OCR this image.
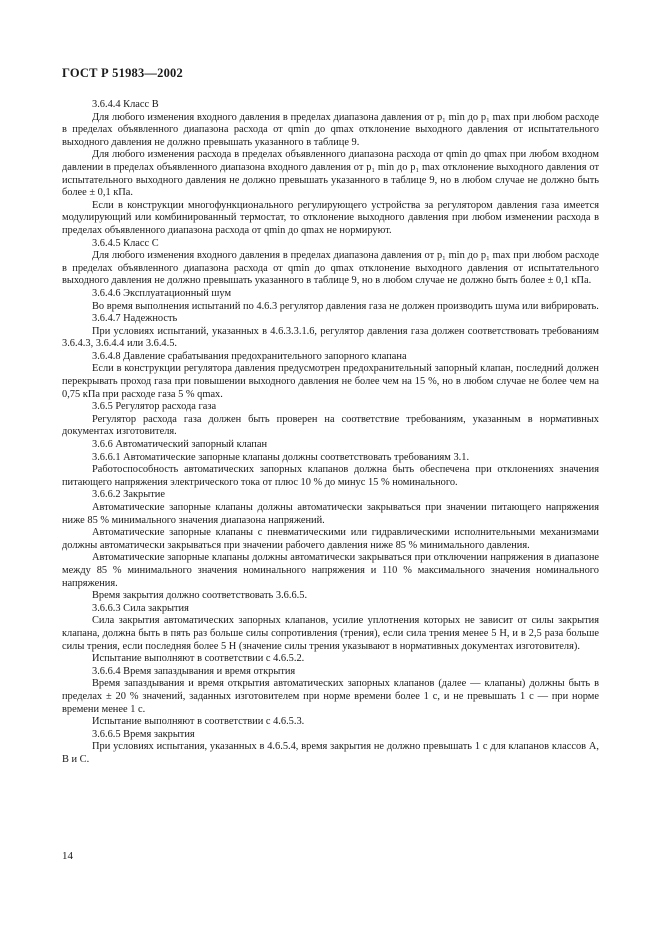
ГОСТ Р 51983—2002

3.6.4.4 Класс B

Для любого изменения входного давления в пределах диапазона давления от p₁ min до p₁ max при любом расходе в пределах объявленного диапазона расхода от qmin до qmax отклонение выходного давления от испытательного выходного давления не должно превышать указанного в таблице 9.

Для любого изменения расхода в пределах объявленного диапазона расхода от qmin до qmax при любом входном давлении в пределах объявленного диапазона входного давления от p₁ min до p₁ max отклонение выходного давления от испытательного выходного давления не должно превышать указанного в таблице 9, но в любом случае не должно быть более ± 0,1 кПа.

Если в конструкции многофункционального регулирующего устройства за регулятором давления газа имеется модулирующий или комбинированный термостат, то отклонение выходного давления при любом изменении расхода в пределах объявленного диапазона расхода от qmin до qmax не нормируют.

3.6.4.5 Класс C

Для любого изменения входного давления в пределах диапазона давления от p₁ min до p₁ max при любом расходе в пределах объявленного диапазона расхода от qmin до qmax отклонение выходного давления от испытательного выходного давления не должно превышать указанного в таблице 9, но в любом случае не должно быть более ± 0,1 кПа.

3.6.4.6 Эксплуатационный шум

Во время выполнения испытаний по 4.6.3 регулятор давления газа не должен производить шума или вибрировать.

3.6.4.7 Надежность

При условиях испытаний, указанных в 4.6.3.3.1.6, регулятор давления газа должен соответствовать требованиям 3.6.4.3, 3.6.4.4 или 3.6.4.5.

3.6.4.8 Давление срабатывания предохранительного запорного клапана

Если в конструкции регулятора давления предусмотрен предохранительный запорный клапан, последний должен перекрывать проход газа при повышении выходного давления не более чем на 15 %, но в любом случае не более чем на 0,75 кПа при расходе газа 5 % qmax.

3.6.5 Регулятор расхода газа

Регулятор расхода газа должен быть проверен на соответствие требованиям, указанным в нормативных документах изготовителя.

3.6.6 Автоматический запорный клапан

3.6.6.1 Автоматические запорные клапаны должны соответствовать требованиям 3.1.

Работоспособность автоматических запорных клапанов должна быть обеспечена при отклонениях значения питающего напряжения электрического тока от плюс 10 % до минус 15 % номинального.

3.6.6.2 Закрытие

Автоматические запорные клапаны должны автоматически закрываться при значении питающего напряжения ниже 85 % минимального значения диапазона напряжений.

Автоматические запорные клапаны с пневматическими или гидравлическими исполнительными механизмами должны автоматически закрываться при значении рабочего давления ниже 85 % минимального давления.

Автоматические запорные клапаны должны автоматически закрываться при отключении напряжения в диапазоне между 85 % минимального значения номинального напряжения и 110 % максимального значения номинального напряжения.

Время закрытия должно соответствовать 3.6.6.5.

3.6.6.3 Сила закрытия

Сила закрытия автоматических запорных клапанов, усилие уплотнения которых не зависит от силы закрытия клапана, должна быть в пять раз больше силы сопротивления (трения), если сила трения менее 5 Н, и в 2,5 раза больше силы трения, если последняя более 5 Н (значение силы трения указывают в нормативных документах изготовителя).

Испытание выполняют в соответствии с 4.6.5.2.

3.6.6.4 Время запаздывания и время открытия

Время запаздывания и время открытия автоматических запорных клапанов (далее — клапаны) должны быть в пределах ± 20 % значений, заданных изготовителем при норме времени более 1 с, и не превышать 1 с — при норме времени менее 1 с.

Испытание выполняют в соответствии с 4.6.5.3.

3.6.6.5 Время закрытия

При условиях испытания, указанных в 4.6.5.4, время закрытия не должно превышать 1 с для клапанов классов A, B и C.

14
